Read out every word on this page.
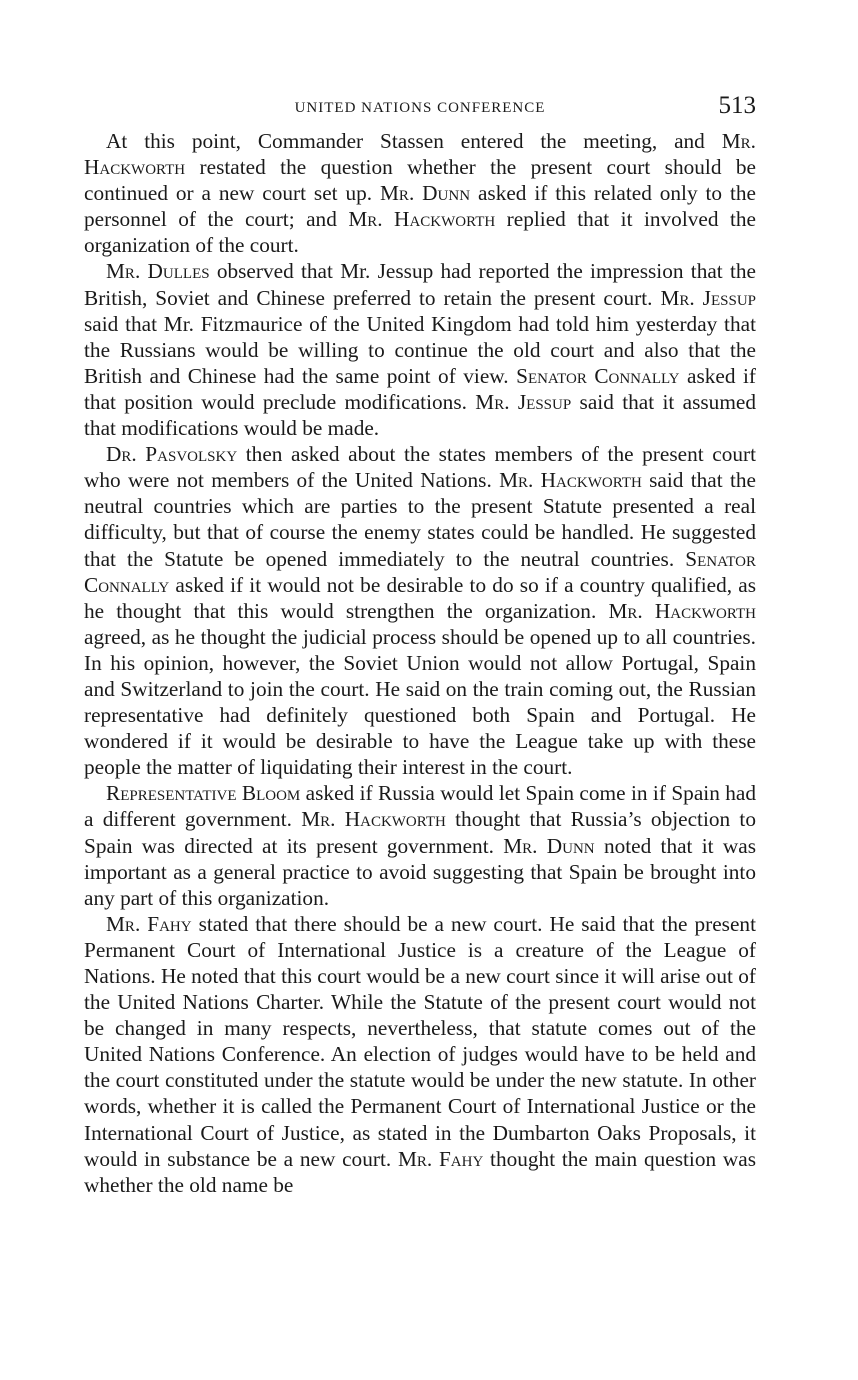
UNITED NATIONS CONFERENCE	513

At this point, Commander Stassen entered the meeting, and Mr. Hackworth restated the question whether the present court should be continued or a new court set up. Mr. Dunn asked if this related only to the personnel of the court; and Mr. Hackworth replied that it involved the organization of the court.

Mr. Dulles observed that Mr. Jessup had reported the impression that the British, Soviet and Chinese preferred to retain the present court. Mr. Jessup said that Mr. Fitzmaurice of the United Kingdom had told him yesterday that the Russians would be willing to continue the old court and also that the British and Chinese had the same point of view. Senator Connally asked if that position would preclude modifications. Mr. Jessup said that it assumed that modifications would be made.

Dr. Pasvolsky then asked about the states members of the present court who were not members of the United Nations. Mr. Hackworth said that the neutral countries which are parties to the present Statute presented a real difficulty, but that of course the enemy states could be handled. He suggested that the Statute be opened immediately to the neutral countries. Senator Connally asked if it would not be desirable to do so if a country qualified, as he thought that this would strengthen the organization. Mr. Hackworth agreed, as he thought the judicial process should be opened up to all countries. In his opinion, however, the Soviet Union would not allow Portugal, Spain and Switzerland to join the court. He said on the train coming out, the Russian representative had definitely questioned both Spain and Portugal. He wondered if it would be desirable to have the League take up with these people the matter of liquidating their interest in the court.

Representative Bloom asked if Russia would let Spain come in if Spain had a different government. Mr. Hackworth thought that Russia’s objection to Spain was directed at its present government. Mr. Dunn noted that it was important as a general practice to avoid suggesting that Spain be brought into any part of this organization.

Mr. Fahy stated that there should be a new court. He said that the present Permanent Court of International Justice is a creature of the League of Nations. He noted that this court would be a new court since it will arise out of the United Nations Charter. While the Statute of the present court would not be changed in many respects, nevertheless, that statute comes out of the United Nations Conference. An election of judges would have to be held and the court constituted under the statute would be under the new statute. In other words, whether it is called the Permanent Court of International Justice or the International Court of Justice, as stated in the Dumbarton Oaks Proposals, it would in substance be a new court. Mr. Fahy thought the main question was whether the old name be
